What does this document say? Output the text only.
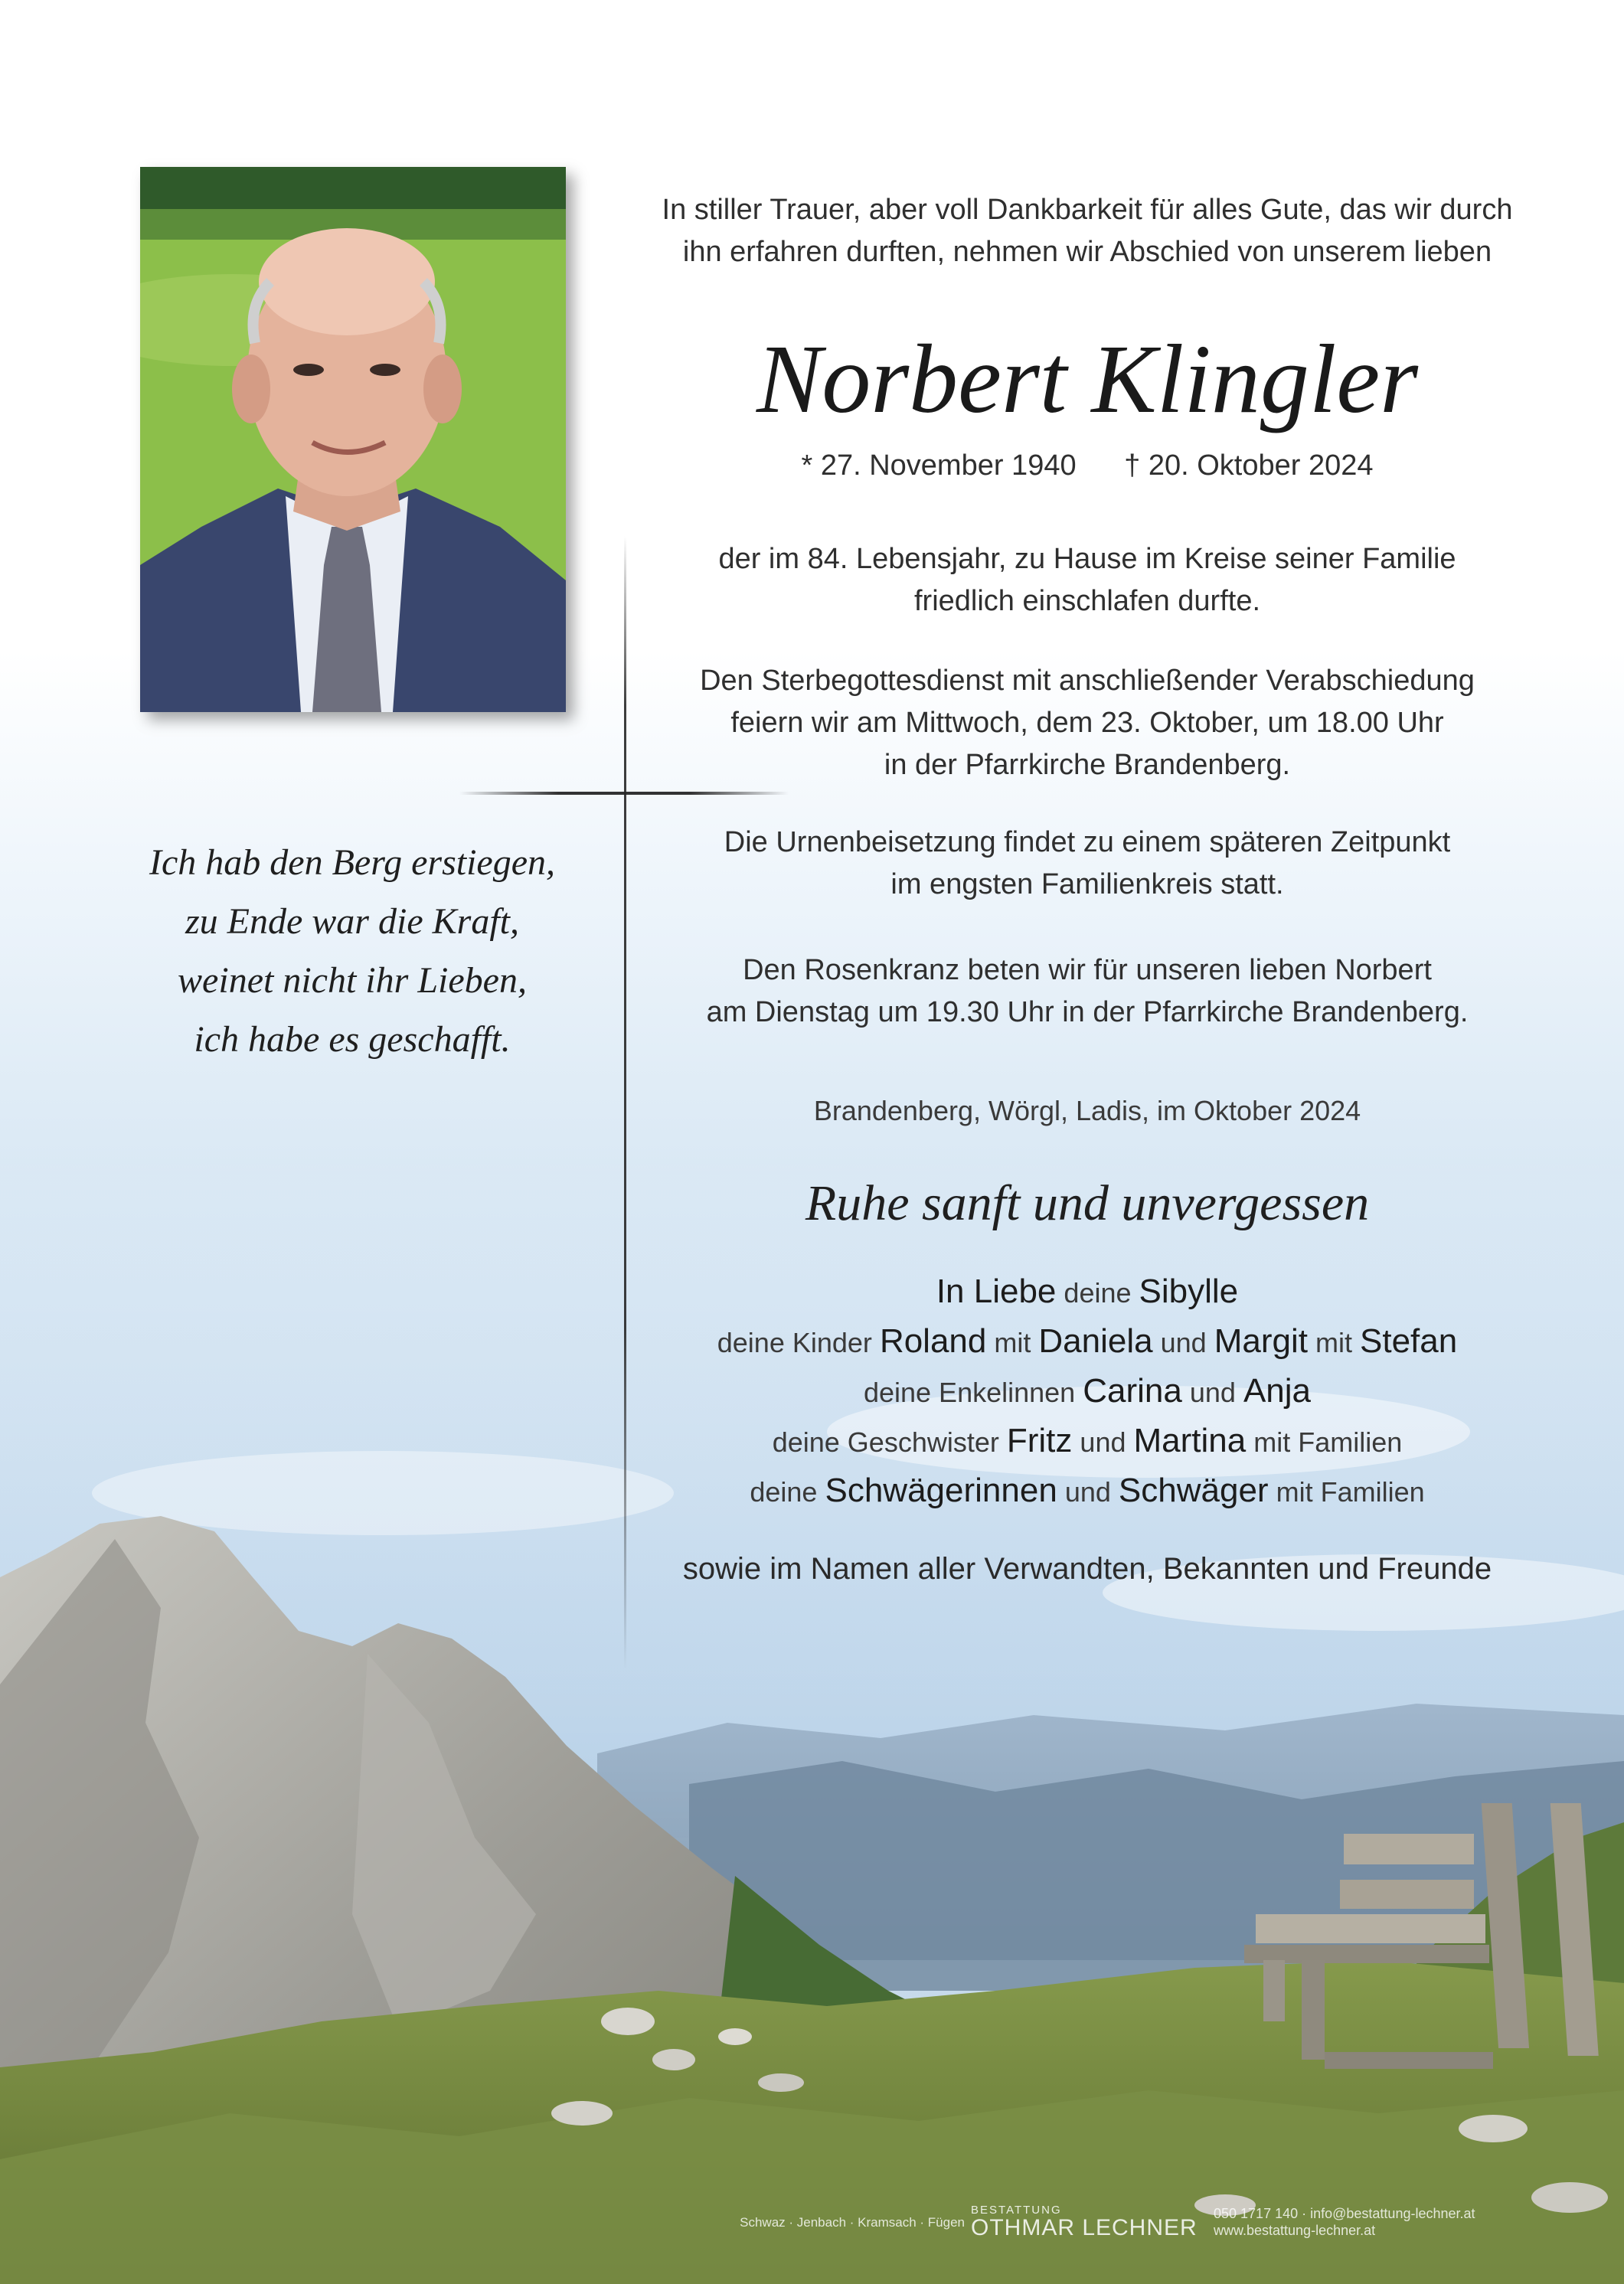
In stiller Trauer, aber voll Dankbarkeit für alles Gute, das wir durch
ihn erfahren durften, nehmen wir Abschied von unserem lieben
Norbert Klingler
* 27. November 1940 † 20. Oktober 2024
der im 84. Lebensjahr, zu Hause im Kreise seiner Familie
friedlich einschlafen durfte.
Den Sterbegottesdienst mit anschließender Verabschiedung
feiern wir am Mittwoch, dem 23. Oktober, um 18.00 Uhr
in der Pfarrkirche Brandenberg.
Die Urnenbeisetzung findet zu einem späteren Zeitpunkt
im engsten Familienkreis statt.
Den Rosenkranz beten wir für unseren lieben Norbert
am Dienstag um 19.30 Uhr in der Pfarrkirche Brandenberg.
Brandenberg, Wörgl, Ladis, im Oktober 2024
Ruhe sanft und unvergessen
In Liebe deine Sibylle
deine Kinder Roland mit Daniela und Margit mit Stefan
deine Enkelinnen Carina und Anja
deine Geschwister Fritz und Martina mit Familien
deine Schwägerinnen und Schwäger mit Familien
sowie im Namen aller Verwandten, Bekannten und Freunde
Ich hab den Berg erstiegen,
zu Ende war die Kraft,
weinet nicht ihr Lieben,
ich habe es geschafft.
Schwaz · Jenbach · Kramsach · Fügen
BESTATTUNG
OTHMAR LECHNER
050 1717 140 · info@bestattung-lechner.at
www.bestattung-lechner.at
